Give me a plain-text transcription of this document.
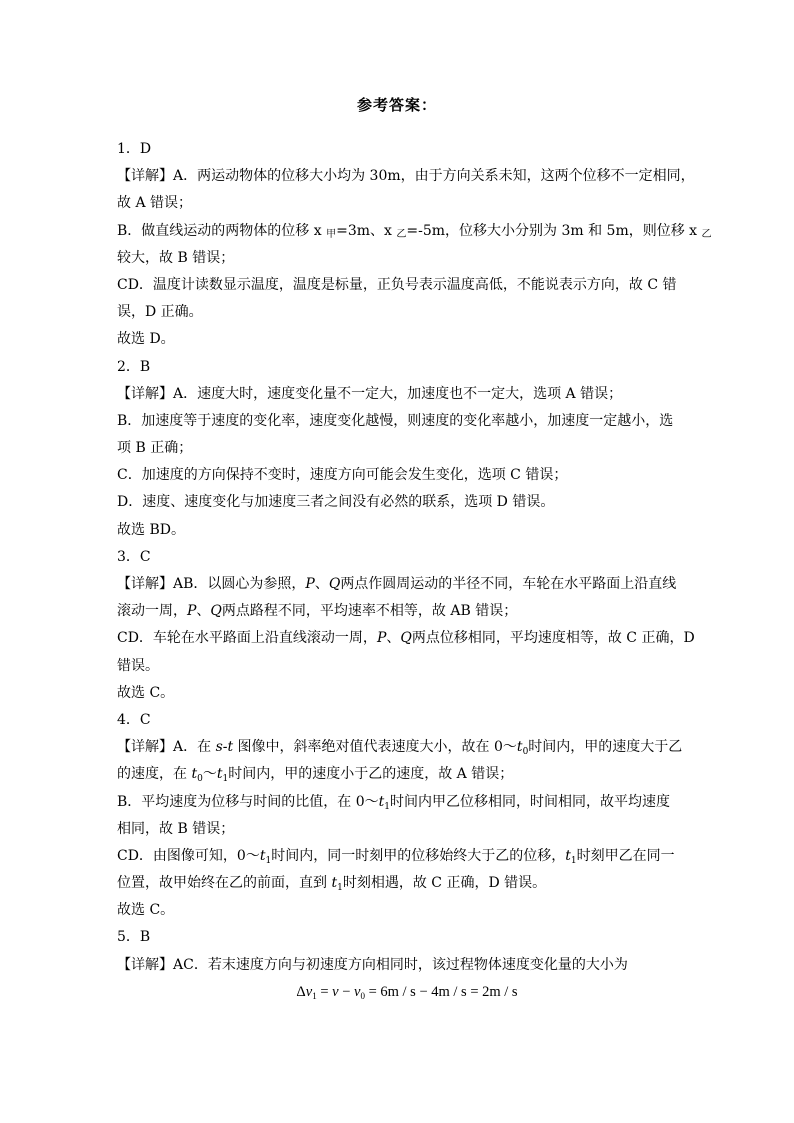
参考答案：
1．D
【详解】A．两运动物体的位移大小均为 30m，由于方向关系未知，这两个位移不一定相同，
故 A 错误；
B．做直线运动的两物体的位移 x $_甲$=3m、x $_乙$=-5m，位移大小分别为 3m 和 5m，则位移 x $_乙$
较大，故 B 错误；
CD．温度计读数显示温度，温度是标量，正负号表示温度高低，不能说表示方向，故 C 错
误，D 正确。
故选 D。
2．B
【详解】A．速度大时，速度变化量不一定大，加速度也不一定大，选项 A 错误；
B．加速度等于速度的变化率，速度变化越慢，则速度的变化率越小，加速度一定越小，选
项 B 正确；
C．加速度的方向保持不变时，速度方向可能会发生变化，选项 C 错误；
D．速度、速度变化与加速度三者之间没有必然的联系，选项 D 错误。
故选 BD。
3．C
【详解】AB．以圆心为参照，P、Q两点作圆周运动的半径不同，车轮在水平路面上沿直线
滚动一周，P、Q两点路程不同，平均速率不相等，故 AB 错误；
CD．车轮在水平路面上沿直线滚动一周，P、Q两点位移相同，平均速度相等，故 C 正确，D
错误。
故选 C。
4．C
【详解】A．在 s-t 图像中，斜率绝对值代表速度大小，故在 $0\sim t_0$时间内，甲的速度大于乙
的速度，在 $t_0\sim t_1$时间内，甲的速度小于乙的速度，故 A 错误；
B．平均速度为位移与时间的比值，在 $0\sim t_1$时间内甲乙位移相同，时间相同，故平均速度
相同，故 B 错误；
CD．由图像可知，$0\sim t_1$时间内，同一时刻甲的位移始终大于乙的位移，$t_1$时刻甲乙在同一
位置，故甲始终在乙的前面，直到 $t_1$时刻相遇，故 C 正确，D 错误。
故选 C。
5．B
【详解】AC．若末速度方向与初速度方向相同时，该过程物体速度变化量的大小为
$\Delta v_1 = v - v_0 = 6m / s - 4m / s = 2m / s$
